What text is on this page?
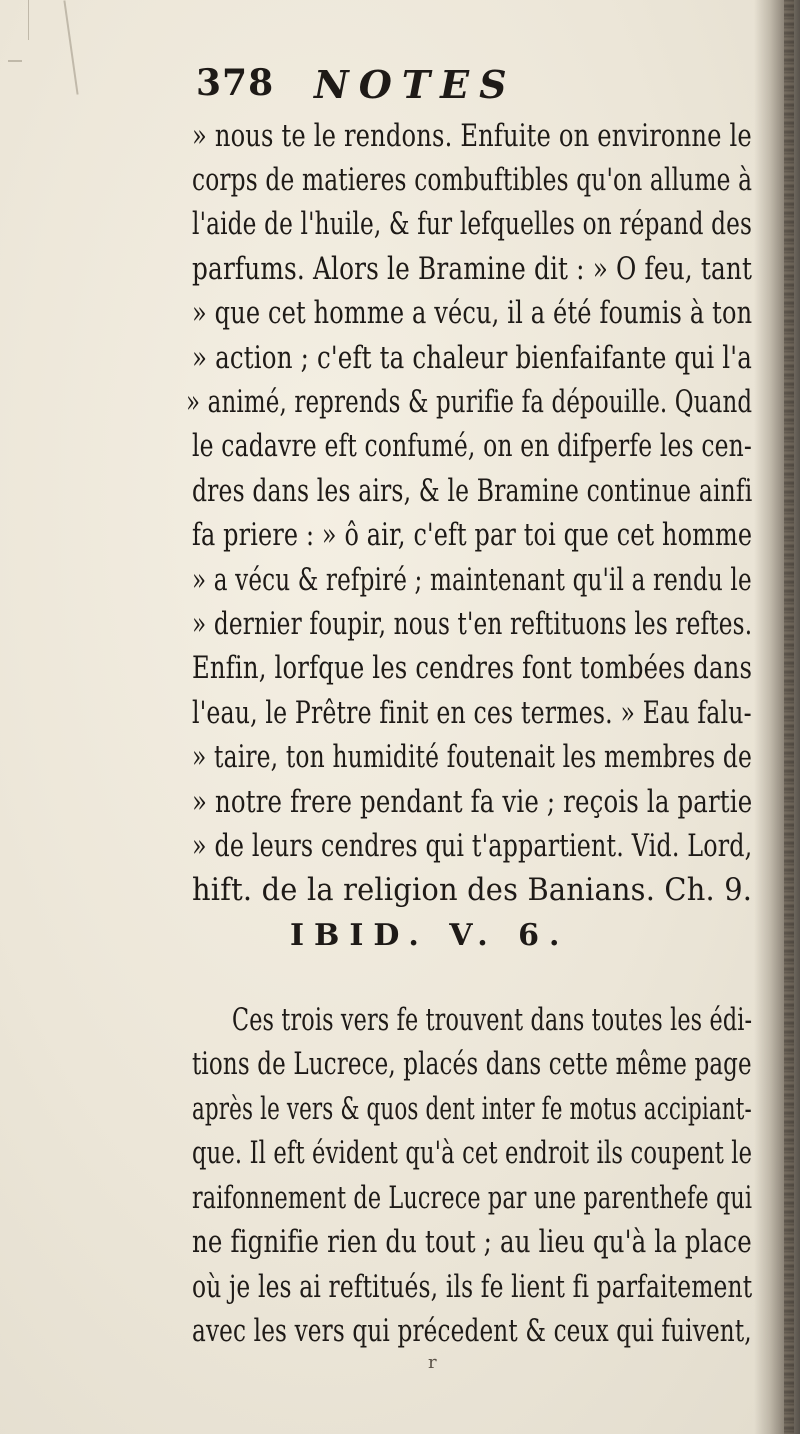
378 NOTES
» nous te le rendons. Enfuite on environne le
corps de matieres combuftibles qu'on allume à
l'aide de l'huile, & fur lefquelles on répand des
parfums. Alors le Bramine dit : » O feu, tant
» que cet homme a vécu, il a été foumis à ton
» action ; c'eft ta chaleur bienfaifante qui l'a
» animé, reprends & purifie fa dépouille. Quand
le cadavre eft confumé, on en difperfe les cen-
dres dans les airs, & le Bramine continue ainfi
fa priere : » ô air, c'eft par toi que cet homme
» a vécu & refpiré ; maintenant qu'il a rendu le
» dernier foupir, nous t'en reftituons les reftes.
Enfin, lorfque les cendres font tombées dans
l'eau, le Prêtre finit en ces termes. » Eau falu-
» taire, ton humidité foutenait les membres de
» notre frere pendant fa vie ; reçois la partie
» de leurs cendres qui t'appartient. Vid. Lord,
hift. de la religion des Banians. Ch. 9.
IBID. V. 6.
Ces trois vers fe trouvent dans toutes les édi-
tions de Lucrece, placés dans cette même page
après le vers & quos dent inter fe motus accipiant-
que. Il eft évident qu'à cet endroit ils coupent le
raifonnement de Lucrece par une parenthefe qui
ne fignifie rien du tout ; au lieu qu'à la place
où je les ai reftitués, ils fe lient fi parfaitement
avec les vers qui précedent & ceux qui fuivent,
r
